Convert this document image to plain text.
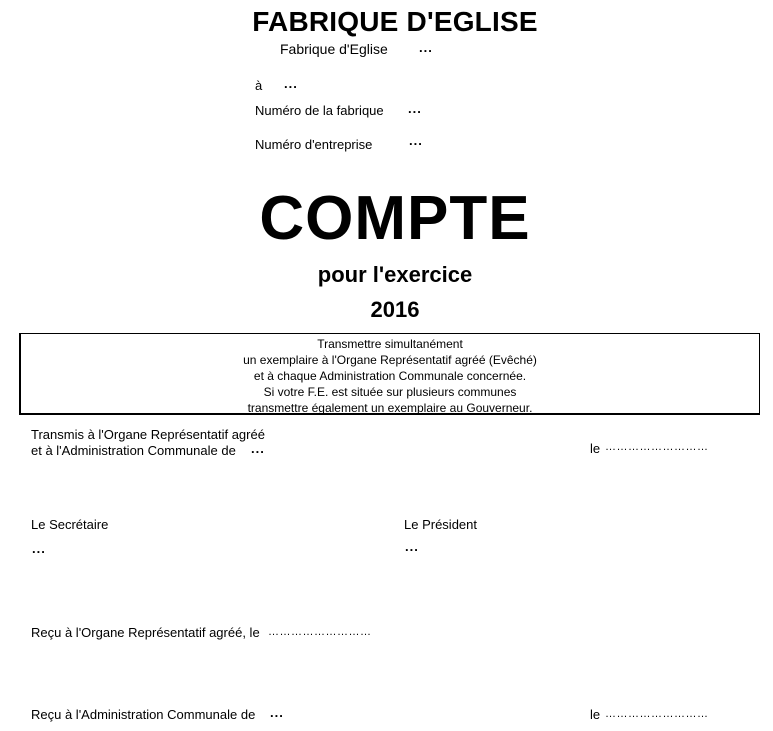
FABRIQUE D'EGLISE
Fabrique d'Eglise ...
à ...
Numéro de la fabrique ...
Numéro d'entreprise	...
COMPTE
pour l'exercice
2016
Transmettre simultanément
un exemplaire à l'Organe Représentatif agréé (Evêché)
et à chaque Administration Communale concernée.
Si votre F.E. est située sur plusieurs communes
transmettre également un exemplaire au Gouverneur.
Transmis à l'Organe Représentatif agréé
et à l'Administration Communale de ...	le ………………………
Le Secrétaire
...
Le Président
...
Reçu à l'Organe Représentatif agréé, le ………………………
Reçu à l'Administration Communale de ...	le ………………………
